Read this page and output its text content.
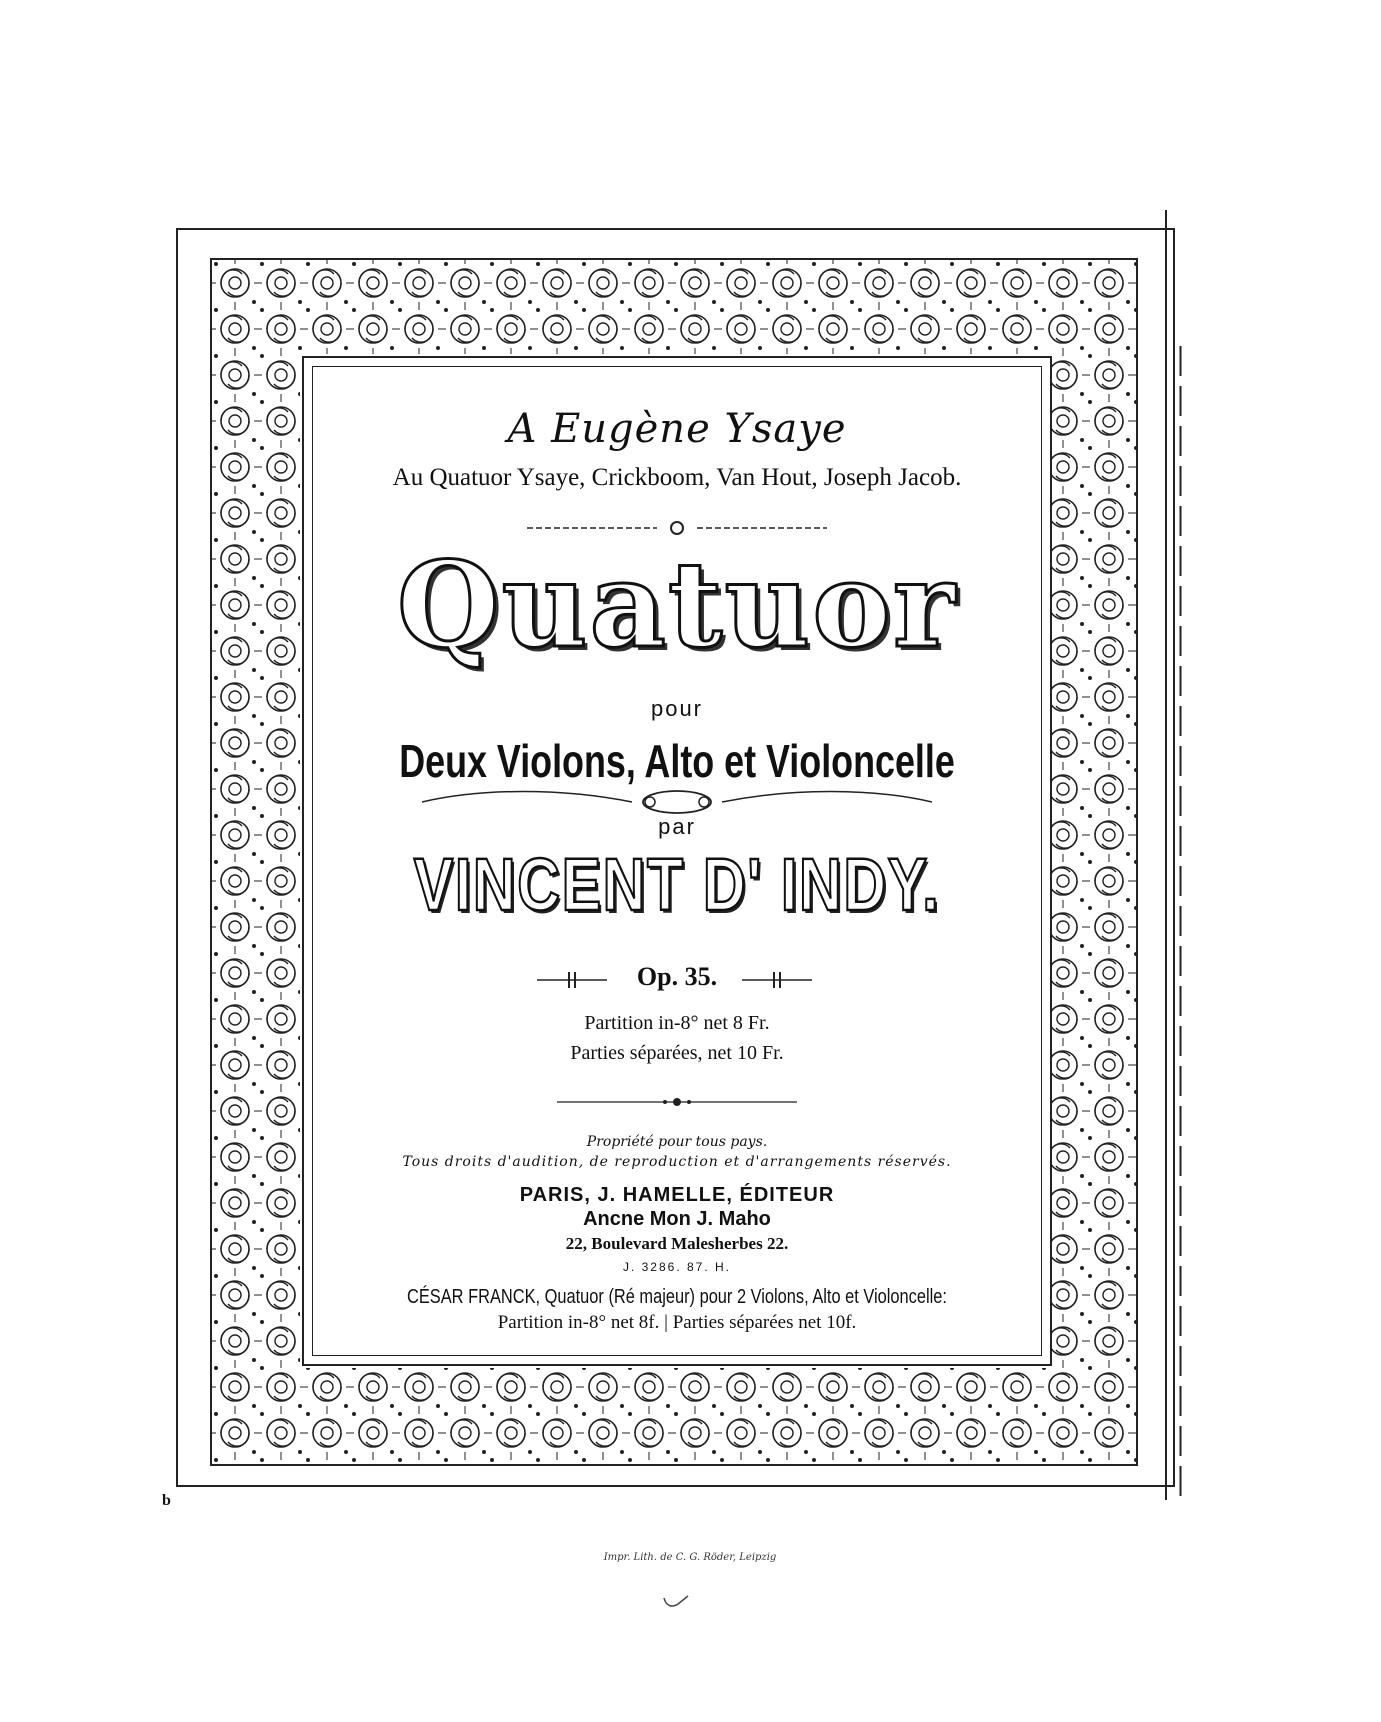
A Eugène Ysaye
Au Quatuor Ysaye, Crickboom, Van Hout, Joseph Jacob.
Quatuor
pour
Deux Violons, Alto et Violoncelle
par
VINCENT D' INDY.
Op. 35.
Partition in-8° net 8 Fr.
Parties séparées, net 10 Fr.
Propriété pour tous pays.
Tous droits d'audition, de reproduction et d'arrangements réservés.
PARIS, J. HAMELLE, ÉDITEUR
Ancne Mon J. Maho
22, Boulevard Malesherbes 22.
J. 3286. 87. H.
CÉSAR FRANCK, Quatuor (Ré majeur) pour 2 Violons, Alto et Violoncelle:
Partition in-8° net 8f. | Parties séparées net 10f.
b
Impr. Lith. de C. G. Röder, Leipzig
